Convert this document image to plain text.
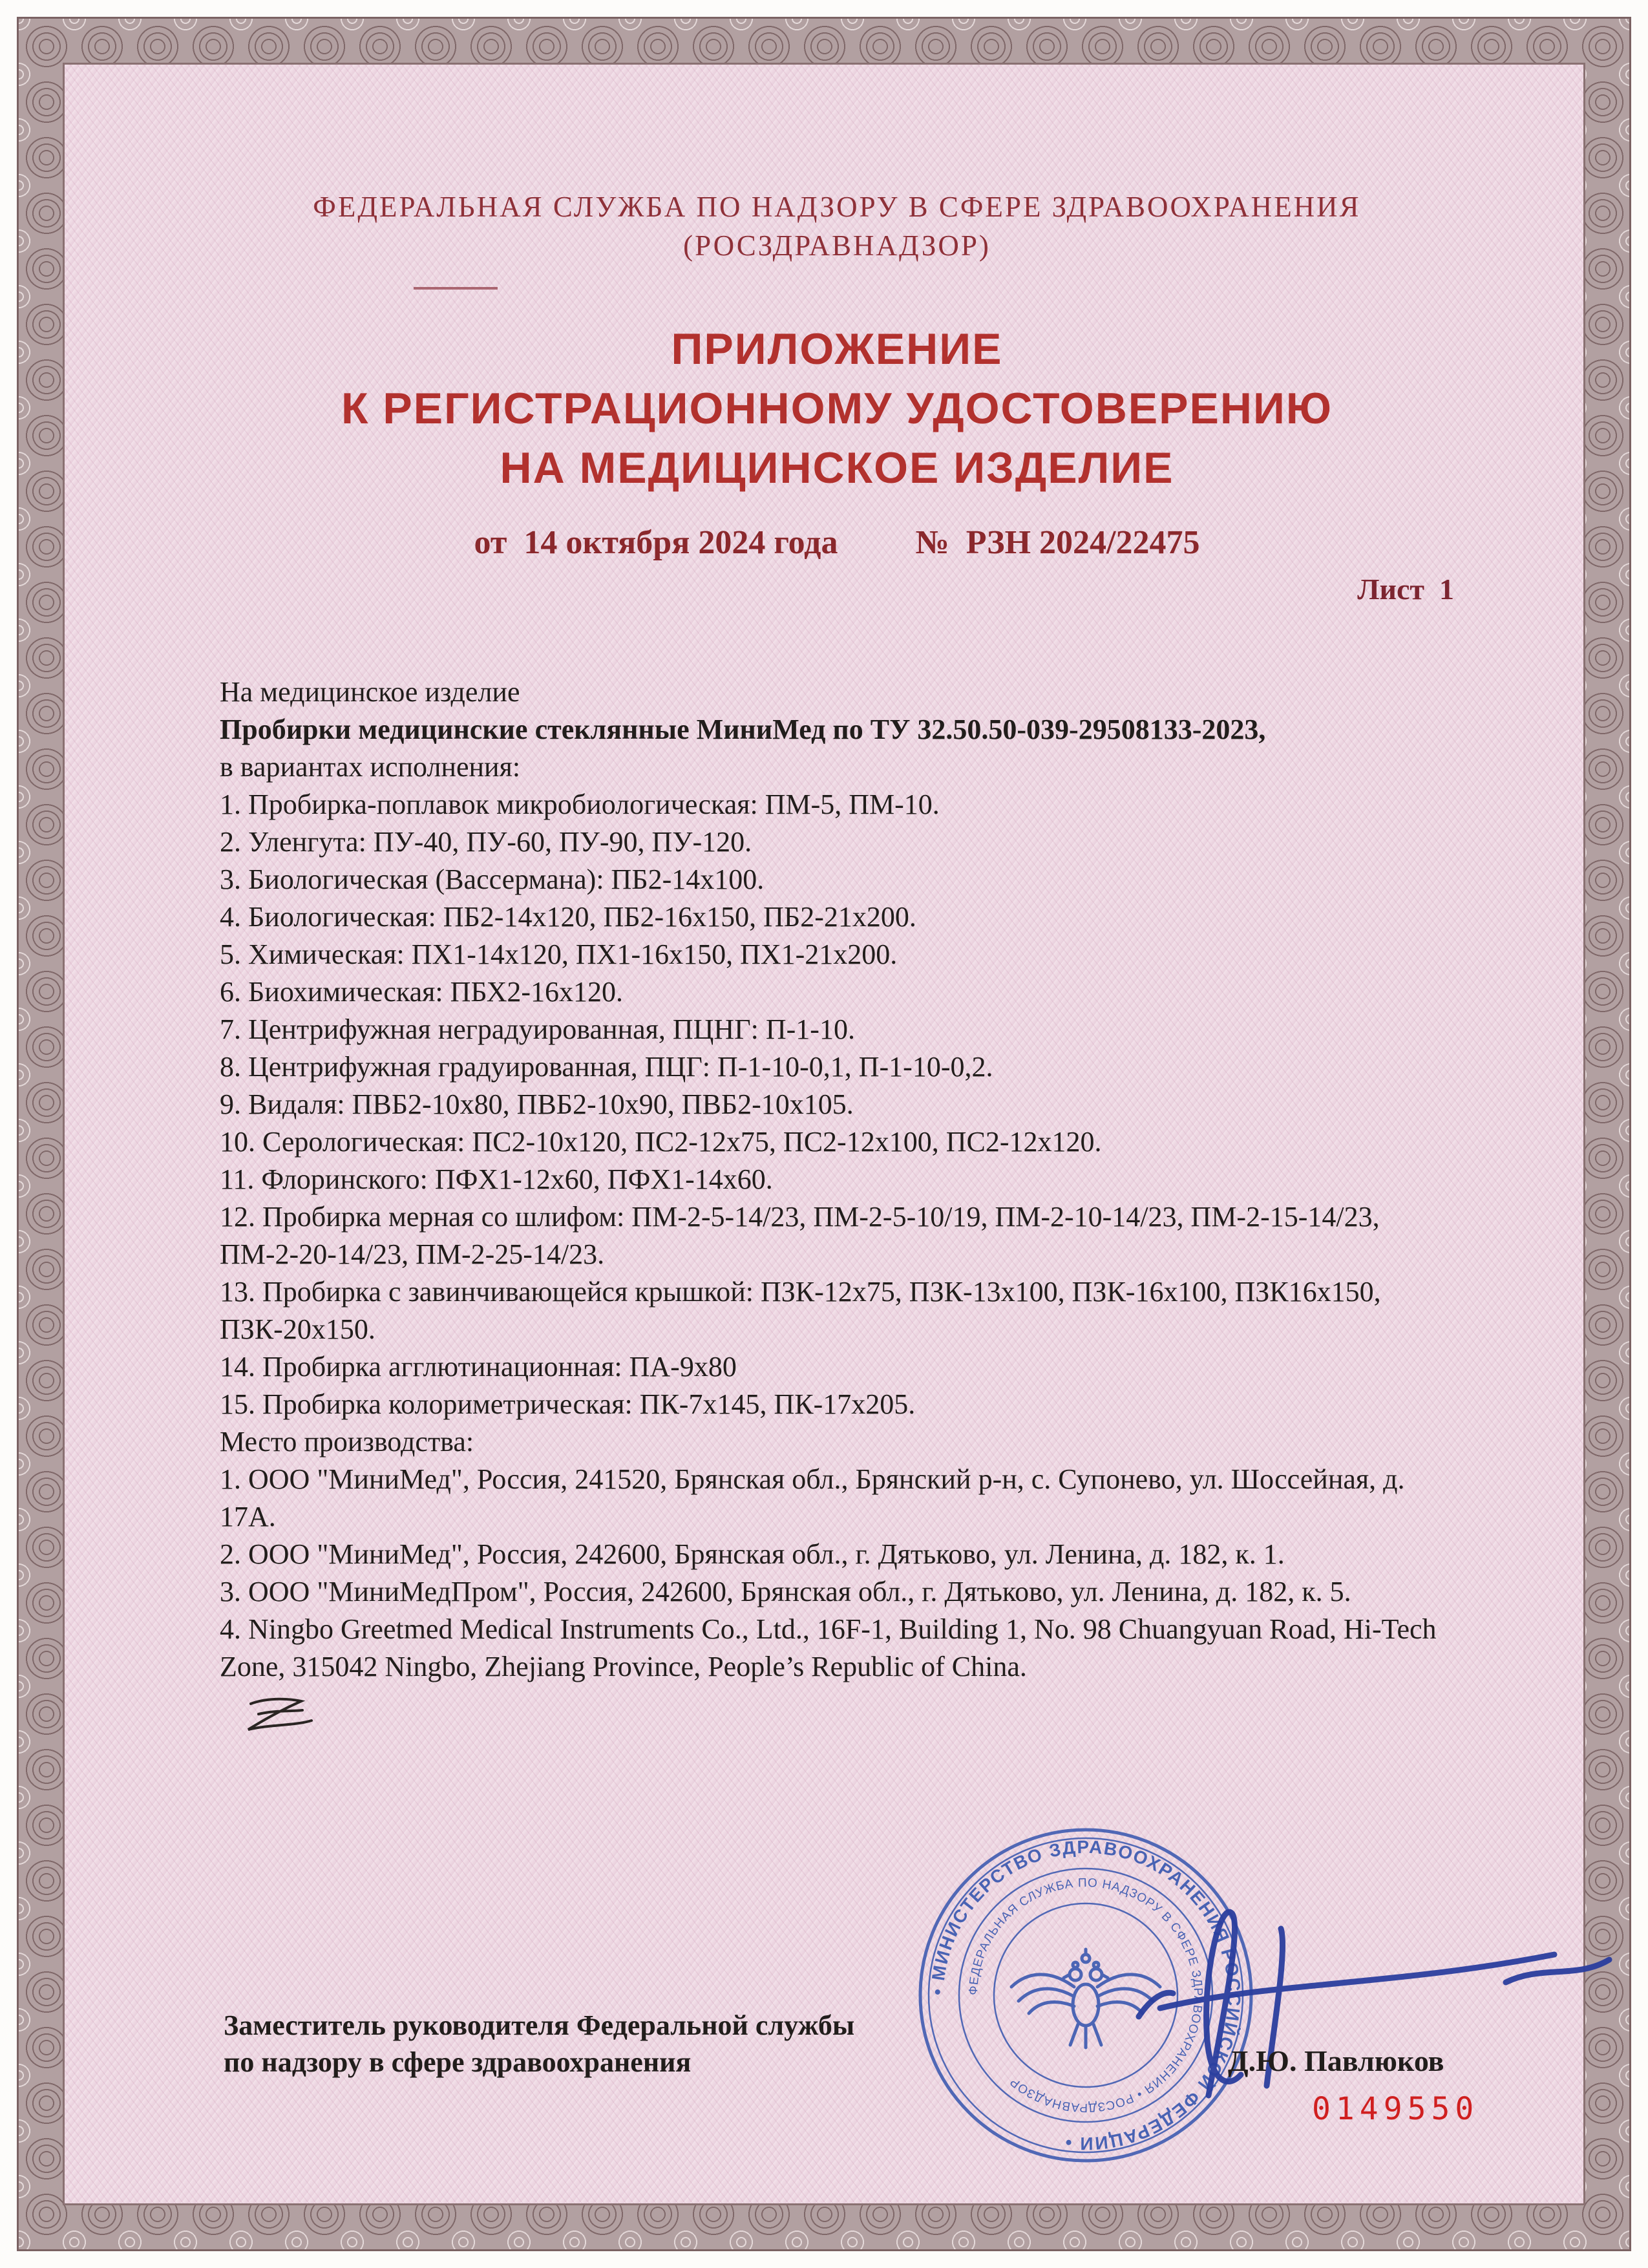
ФЕДЕРАЛЬНАЯ СЛУЖБА ПО НАДЗОРУ В СФЕРЕ ЗДРАВООХРАНЕНИЯ
(РОСЗДРАВНАДЗОР)
ПРИЛОЖЕНИЕ
К РЕГИСТРАЦИОННОМУ УДОСТОВЕРЕНИЮ
НА МЕДИЦИНСКОЕ ИЗДЕЛИЕ
от  14 октября 2024 года №  РЗН 2024/22475
Лист  1

На медицинское изделие

Пробирки медицинские стеклянные МиниМед по ТУ 32.50.50-039-29508133-2023,

в вариантах исполнения:

1. Пробирка-поплавок микробиологическая: ПМ-5, ПМ-10.

2. Уленгута: ПУ-40, ПУ-60, ПУ-90, ПУ-120.

3. Биологическая (Вассермана): ПБ2-14х100.

4. Биологическая: ПБ2-14х120, ПБ2-16х150, ПБ2-21х200.

5. Химическая: ПХ1-14х120, ПХ1-16х150, ПХ1-21х200.

6. Биохимическая: ПБХ2-16х120.

7. Центрифужная неградуированная, ПЦНГ: П-1-10.

8. Центрифужная градуированная, ПЦГ: П-1-10-0,1, П-1-10-0,2.

9. Видаля: ПВБ2-10х80, ПВБ2-10х90, ПВБ2-10х105.

10. Серологическая: ПС2-10х120, ПС2-12х75, ПС2-12х100, ПС2-12х120.

11. Флоринского: ПФХ1-12х60, ПФХ1-14х60.

12. Пробирка мерная со шлифом: ПМ-2-5-14/23, ПМ-2-5-10/19, ПМ-2-10-14/23, ПМ-2-15-14/23, ПМ-2-20-14/23, ПМ-2-25-14/23.

13. Пробирка с завинчивающейся крышкой: ПЗК-12х75, ПЗК-13х100, ПЗК-16х100, ПЗК16х150, ПЗК-20х150.

14. Пробирка агглютинационная: ПА-9х80

15. Пробирка колориметрическая: ПК-7х145, ПК-17х205.

Место производства:

1. ООО "МиниМед", Россия, 241520, Брянская обл., Брянский р-н, с. Супонево, ул. Шоссейная, д. 17А.

2. ООО "МиниМед", Россия, 242600, Брянская обл., г. Дятьково, ул. Ленина, д. 182, к. 1.

3. ООО "МиниМедПром", Россия, 242600, Брянская обл., г. Дятьково, ул. Ленина, д. 182, к. 5.

4. Ningbo Greetmed Medical Instruments Co., Ltd., 16F-1, Building 1, No. 98 Chuangyuan Road, Hi-Tech Zone, 315042 Ningbo, Zhejiang Province, People’s Republic of China.

• МИНИСТЕРСТВО ЗДРАВООХРАНЕНИЯ РОССИЙСКОЙ ФЕДЕРАЦИИ •
ФЕДЕРАЛЬНАЯ СЛУЖБА ПО НАДЗОРУ В СФЕРЕ ЗДРАВООХРАНЕНИЯ • РОСЗДРАВНАДЗОР
Заместитель руководителя Федеральной службы
по надзору в сфере здравоохранения	Д.Ю. Павлюков
0149550
